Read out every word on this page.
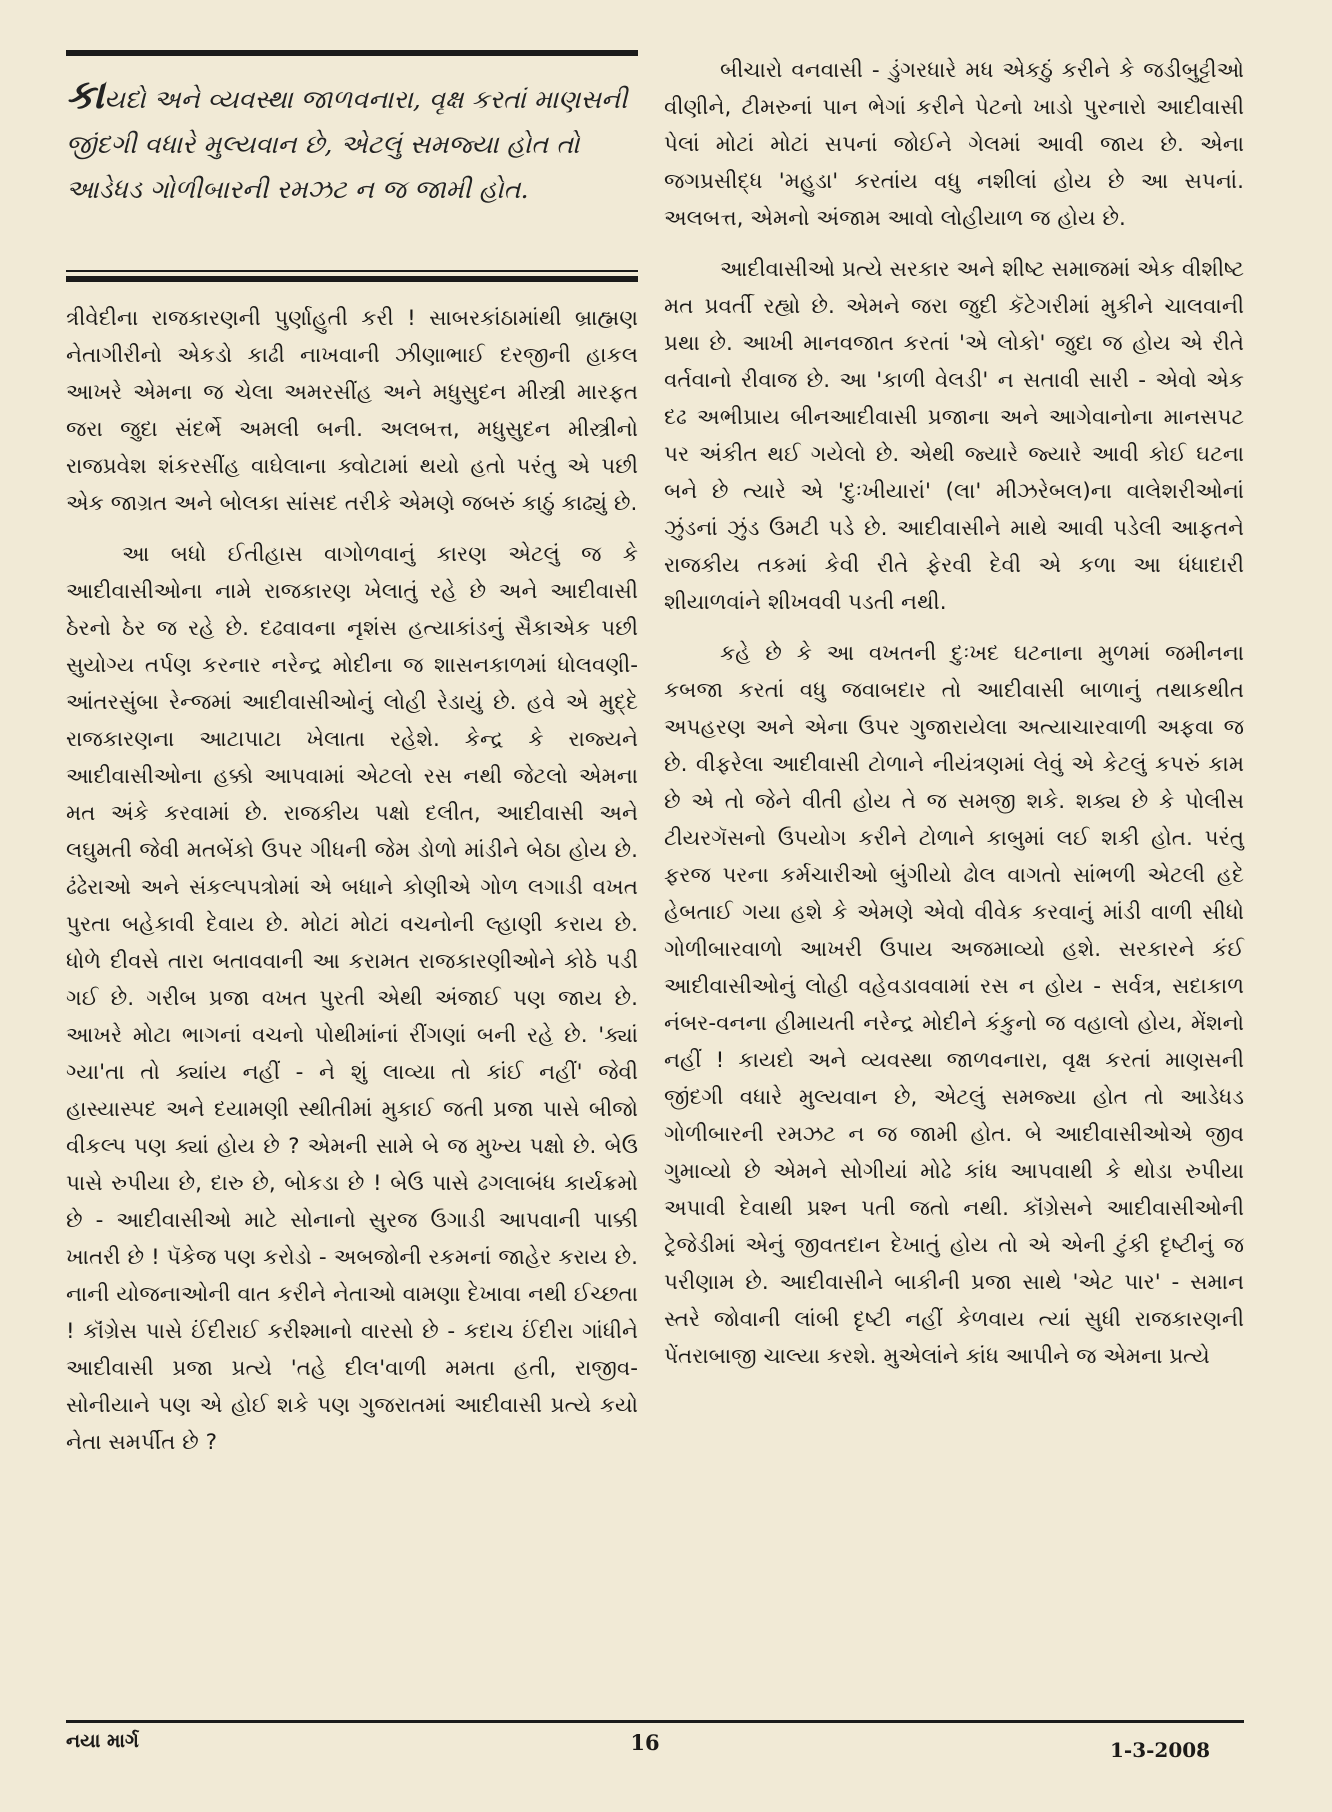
કાયદો અને વ્યવસ્થા જાળવનારા, વૃક્ષ કરતાં માણસની જીંદગી વધારે મુલ્યવાન છે, એટલું સમજ્યા હોત તો આડેધડ ગોળીબારની રમઝટ ન જ જામી હોત.

ત્રીવેદીના રાજકારણની પુર્ણાહુતી કરી ! સાબરકાંઠામાંથી બ્રાહ્મણ નેતાગીરીનો એકડો કાઢી નાખવાની ઝીણાભાઈ દરજીની હાકલ આખરે એમના જ ચેલા અમરસીંહ અને મધુસુદન મીસ્ત્રી મારફત જરા જુદા સંદર્ભે અમલી બની. અલબત્ત, મધુસુદન મીસ્ત્રીનો રાજપ્રવેશ શંકરસીંહ વાઘેલાના ક્વોટામાં થયો હતો પરંતુ એ પછી એક જાગ્રત અને બોલકા સાંસદ તરીકે એમણે જબરું કાઠું કાઢ્યું છે.

આ બધો ઈતીહાસ વાગોળવાનું કારણ એટલું જ કે આદીવાસીઓના નામે રાજકારણ ખેલાતું રહે છે અને આદીવાસી ઠેરનો ઠેર જ રહે છે. દઢવાવના નૃશંસ હત્યાકાંડનું સૈકાએક પછી સુયોગ્ય તર્પણ કરનાર નરેન્દ્ર મોદીના જ શાસનકાળમાં ધોલવણી-આંતરસુંબા રેન્જમાં આદીવાસીઓનું લોહી રેડાયું છે. હવે એ મુદ્દે રાજકારણના આટાપાટા ખેલાતા રહેશે. કેન્દ્ર કે રાજ્યને આદીવાસીઓના હક્કો આપવામાં એટલો રસ નથી જેટલો એમના મત અંકે કરવામાં છે. રાજકીય પક્ષો દલીત, આદીવાસી અને લઘુમતી જેવી મતબેંકો ઉપર ગીધની જેમ ડોળો માંડીને બેઠા હોય છે. ઢંઢેરાઓ અને સંકલ્પપત્રોમાં એ બધાને કોણીએ ગોળ લગાડી વખત પુરતા બહેકાવી દેવાય છે. મોટાં મોટાં વચનોની લ્હાણી કરાય છે. ધોળે દીવસે તારા બતાવવાની આ કરામત રાજકારણીઓને કોઠે પડી ગઈ છે. ગરીબ પ્રજા વખત પુરતી એથી અંજાઈ પણ જાય છે. આખરે મોટા ભાગનાં વચનો પોથીમાંનાં રીંગણાં બની રહે છે. 'ક્યાં ગ્યા'તા તો ક્યાંય નહીં - ને શું લાવ્યા તો કાંઈ નહીં' જેવી હાસ્યાસ્પદ અને દયામણી સ્થીતીમાં મુકાઈ જતી પ્રજા પાસે બીજો વીકલ્પ પણ ક્યાં હોય છે ? એમની સામે બે જ મુખ્ય પક્ષો છે. બેઉ પાસે રુપીયા છે, દારુ છે, બોકડા છે ! બેઉ પાસે ઢગલાબંધ કાર્યક્રમો છે - આદીવાસીઓ માટે સોનાનો સુરજ ઉગાડી આપવાની પાક્કી ખાતરી છે ! પૅકેજ પણ કરોડો - અબજોની રકમનાં જાહેર કરાય છે. નાની યોજનાઓની વાત કરીને નેતાઓ વામણા દેખાવા નથી ઈચ્છતા ! કૉંગ્રેસ પાસે ઈંદીરાઈ કરીશ્માનો વારસો છે - કદાચ ઈંદીરા ગાંધીને આદીવાસી પ્રજા પ્રત્યે 'તહે દીલ'વાળી મમતા હતી, રાજીવ-સોનીયાને પણ એ હોઈ શકે પણ ગુજરાતમાં આદીવાસી પ્રત્યે કયો નેતા સમર્પીત છે ?

બીચારો વનવાસી - ડુંગરધારે મધ એકઠું કરીને કે જડીબુટ્ટીઓ વીણીને, ટીમરુનાં પાન ભેગાં કરીને પેટનો ખાડો પુરનારો આદીવાસી પેલાં મોટાં મોટાં સપનાં જોઈને ગેલમાં આવી જાય છે. એના જગપ્રસીદ્ધ 'મહુડા' કરતાંય વધુ નશીલાં હોય છે આ સપનાં. અલબત્ત, એમનો અંજામ આવો લોહીયાળ જ હોય છે.

આદીવાસીઓ પ્રત્યે સરકાર અને શીષ્ટ સમાજમાં એક વીશીષ્ટ મત પ્રવર્તી રહ્યો છે. એમને જરા જુદી કૅટેગરીમાં મુકીને ચાલવાની પ્રથા છે. આખી માનવજાત કરતાં 'એ લોકો' જુદા જ હોય એ રીતે વર્તવાનો રીવાજ છે. આ 'કાળી વેલડી' ન સતાવી સારી - એવો એક દઢ અભીપ્રાય બીનઆદીવાસી પ્રજાના અને આગેવાનોના માનસપટ પર અંકીત થઈ ગયેલો છે. એથી જ્યારે જ્યારે આવી કોઈ ઘટના બને છે ત્યારે એ 'દુઃખીયારાં' (લા' મીઝરેબલ)ના વાલેશરીઓનાં ઝુંડનાં ઝુંડ ઉમટી પડે છે. આદીવાસીને માથે આવી પડેલી આફતને રાજકીય તકમાં કેવી રીતે ફેરવી દેવી એ કળા આ ધંધાદારી શીયાળવાંને શીખવવી પડતી નથી.

કહે છે કે આ વખતની દુઃખદ ઘટનાના મુળમાં જમીનના કબજા કરતાં વધુ જવાબદાર તો આદીવાસી બાળાનું તથાકથીત અપહરણ અને એના ઉપર ગુજારાયેલા અત્યાચારવાળી અફવા જ છે. વીફરેલા આદીવાસી ટોળાને નીયંત્રણમાં લેવું એ કેટલું કપરું કામ છે એ તો જેને વીતી હોય તે જ સમજી શકે. શક્ય છે કે પોલીસ ટીયરગૅસનો ઉપયોગ કરીને ટોળાને કાબુમાં લઈ શકી હોત. પરંતુ ફરજ પરના કર્મચારીઓ બુંગીયો ઢોલ વાગતો સાંભળી એટલી હદે હેબતાઈ ગયા હશે કે એમણે એવો વીવેક કરવાનું માંડી વાળી સીધો ગોળીબારવાળો આખરી ઉપાય અજમાવ્યો હશે. સરકારને કંઈ આદીવાસીઓનું લોહી વહેવડાવવામાં રસ ન હોય - સર્વત્ર, સદાકાળ નંબર-વનના હીમાયતી નરેન્દ્ર મોદીને કંકુનો જ વહાલો હોય, મેંશનો નહીં ! કાયદો અને વ્યવસ્થા જાળવનારા, વૃક્ષ કરતાં માણસની જીંદગી વધારે મુલ્યવાન છે, એટલું સમજ્યા હોત તો આડેધડ ગોળીબારની રમઝટ ન જ જામી હોત. બે આદીવાસીઓએ જીવ ગુમાવ્યો છે એમને સોગીયાં મોઢે કાંધ આપવાથી કે થોડા રુપીયા અપાવી દેવાથી પ્રશ્ન પતી જતો નથી. કૉંગ્રેસને આદીવાસીઓની ટ્રેજેડીમાં એનું જીવતદાન દેખાતું હોય તો એ એની ટુંકી દૃષ્ટીનું જ પરીણામ છે. આદીવાસીને બાકીની પ્રજા સાથે 'એટ પાર' - સમાન સ્તરે જોવાની લાંબી દૃષ્ટી નહીં કેળવાય ત્યાં સુધી રાજકારણની પેંતરાબાજી ચાલ્યા કરશે. મુએલાંને કાંધ આપીને જ એમના પ્રત્યે

નયા માર્ગ	16	1-3-2008
